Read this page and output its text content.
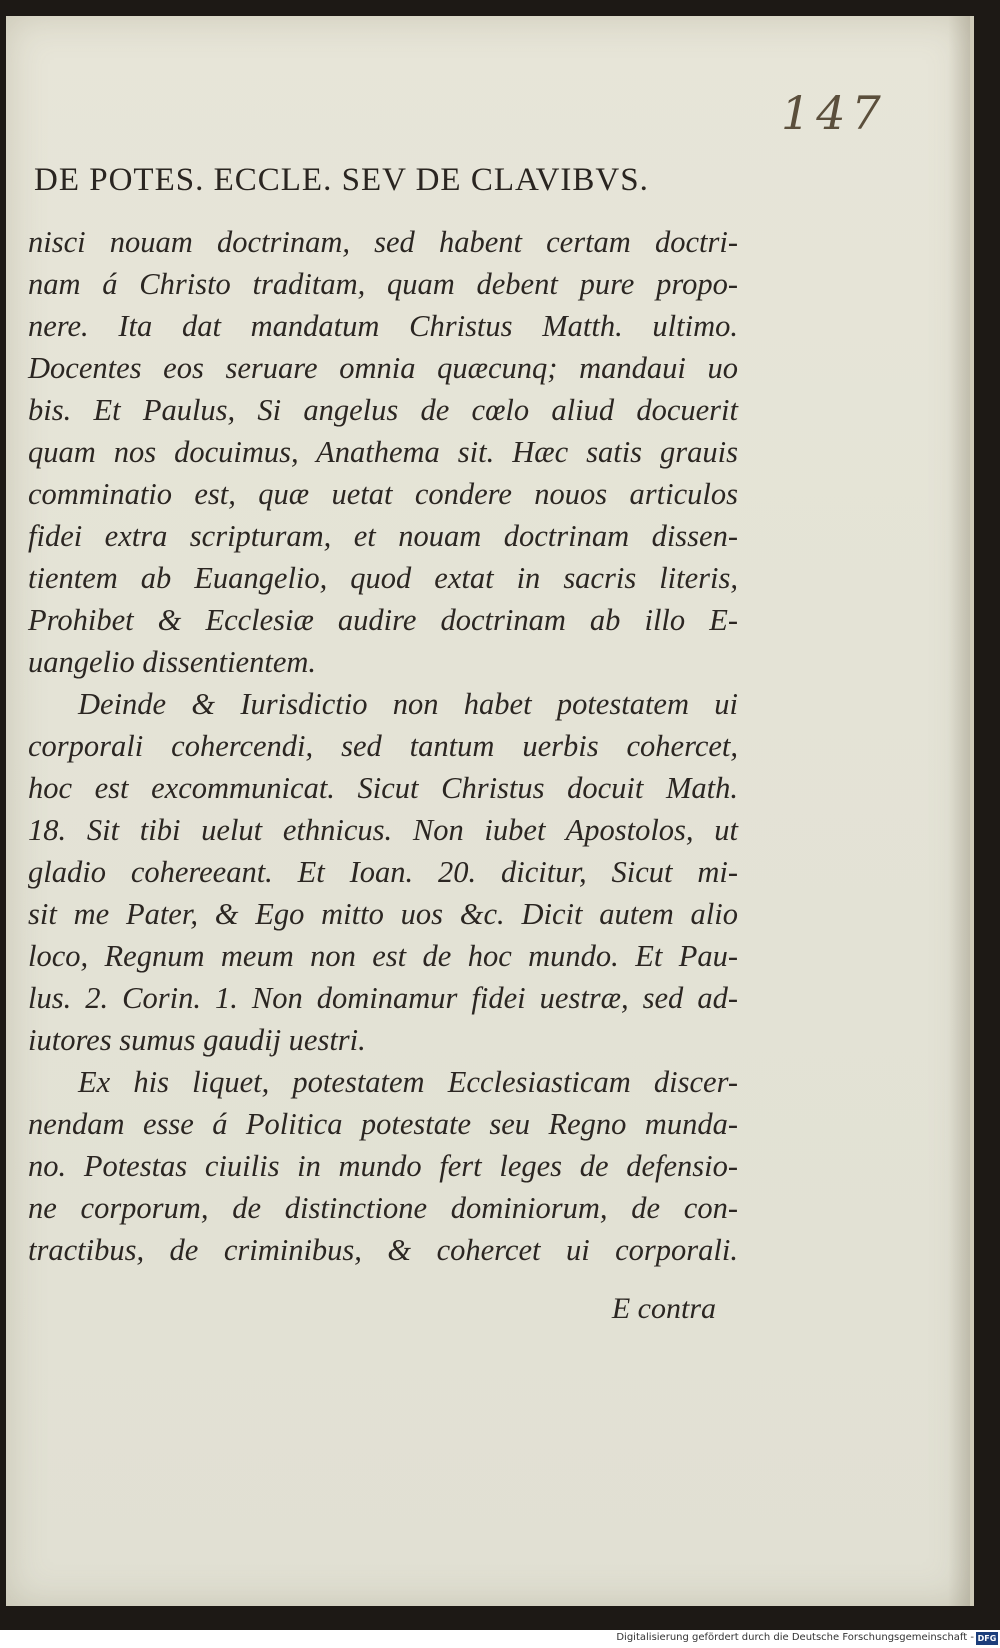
147
DE POTES. ECCLE. SEV DE CLAVIBVS.
nisci nouam doctrinam, sed habent certam doctri-
nam á Christo traditam, quam debent pure propo-
nere. Ita dat mandatum Christus Matth. ultimo.
Docentes eos seruare omnia quæcunq; mandaui uo
bis. Et Paulus, Si angelus de cœlo aliud docuerit
quam nos docuimus, Anathema sit. Hæc satis grauis
comminatio est, quæ uetat condere nouos articulos
fidei extra scripturam, et nouam doctrinam dissen-
tientem ab Euangelio, quod extat in sacris literis,
Prohibet & Ecclesiæ audire doctrinam ab illo E-
uangelio dissentientem.
Deinde & Iurisdictio non habet potestatem ui
corporali cohercendi, sed tantum uerbis cohercet,
hoc est excommunicat. Sicut Christus docuit Math.
18. Sit tibi uelut ethnicus. Non iubet Apostolos, ut
gladio cohereeant. Et Ioan. 20. dicitur, Sicut mi-
sit me Pater, & Ego mitto uos &c. Dicit autem alio
loco, Regnum meum non est de hoc mundo. Et Pau-
lus. 2. Corin. 1. Non dominamur fidei uestræ, sed ad-
iutores sumus gaudij uestri.
Ex his liquet, potestatem Ecclesiasticam discer-
nendam esse á Politica potestate seu Regno munda-
no. Potestas ciuilis in mundo fert leges de defensio-
ne corporum, de distinctione dominiorum, de con-
tractibus, de criminibus, & cohercet ui corporali.
E contra
Digitalisierung gefördert durch die Deutsche Forschungsgemeinschaft - DFG
